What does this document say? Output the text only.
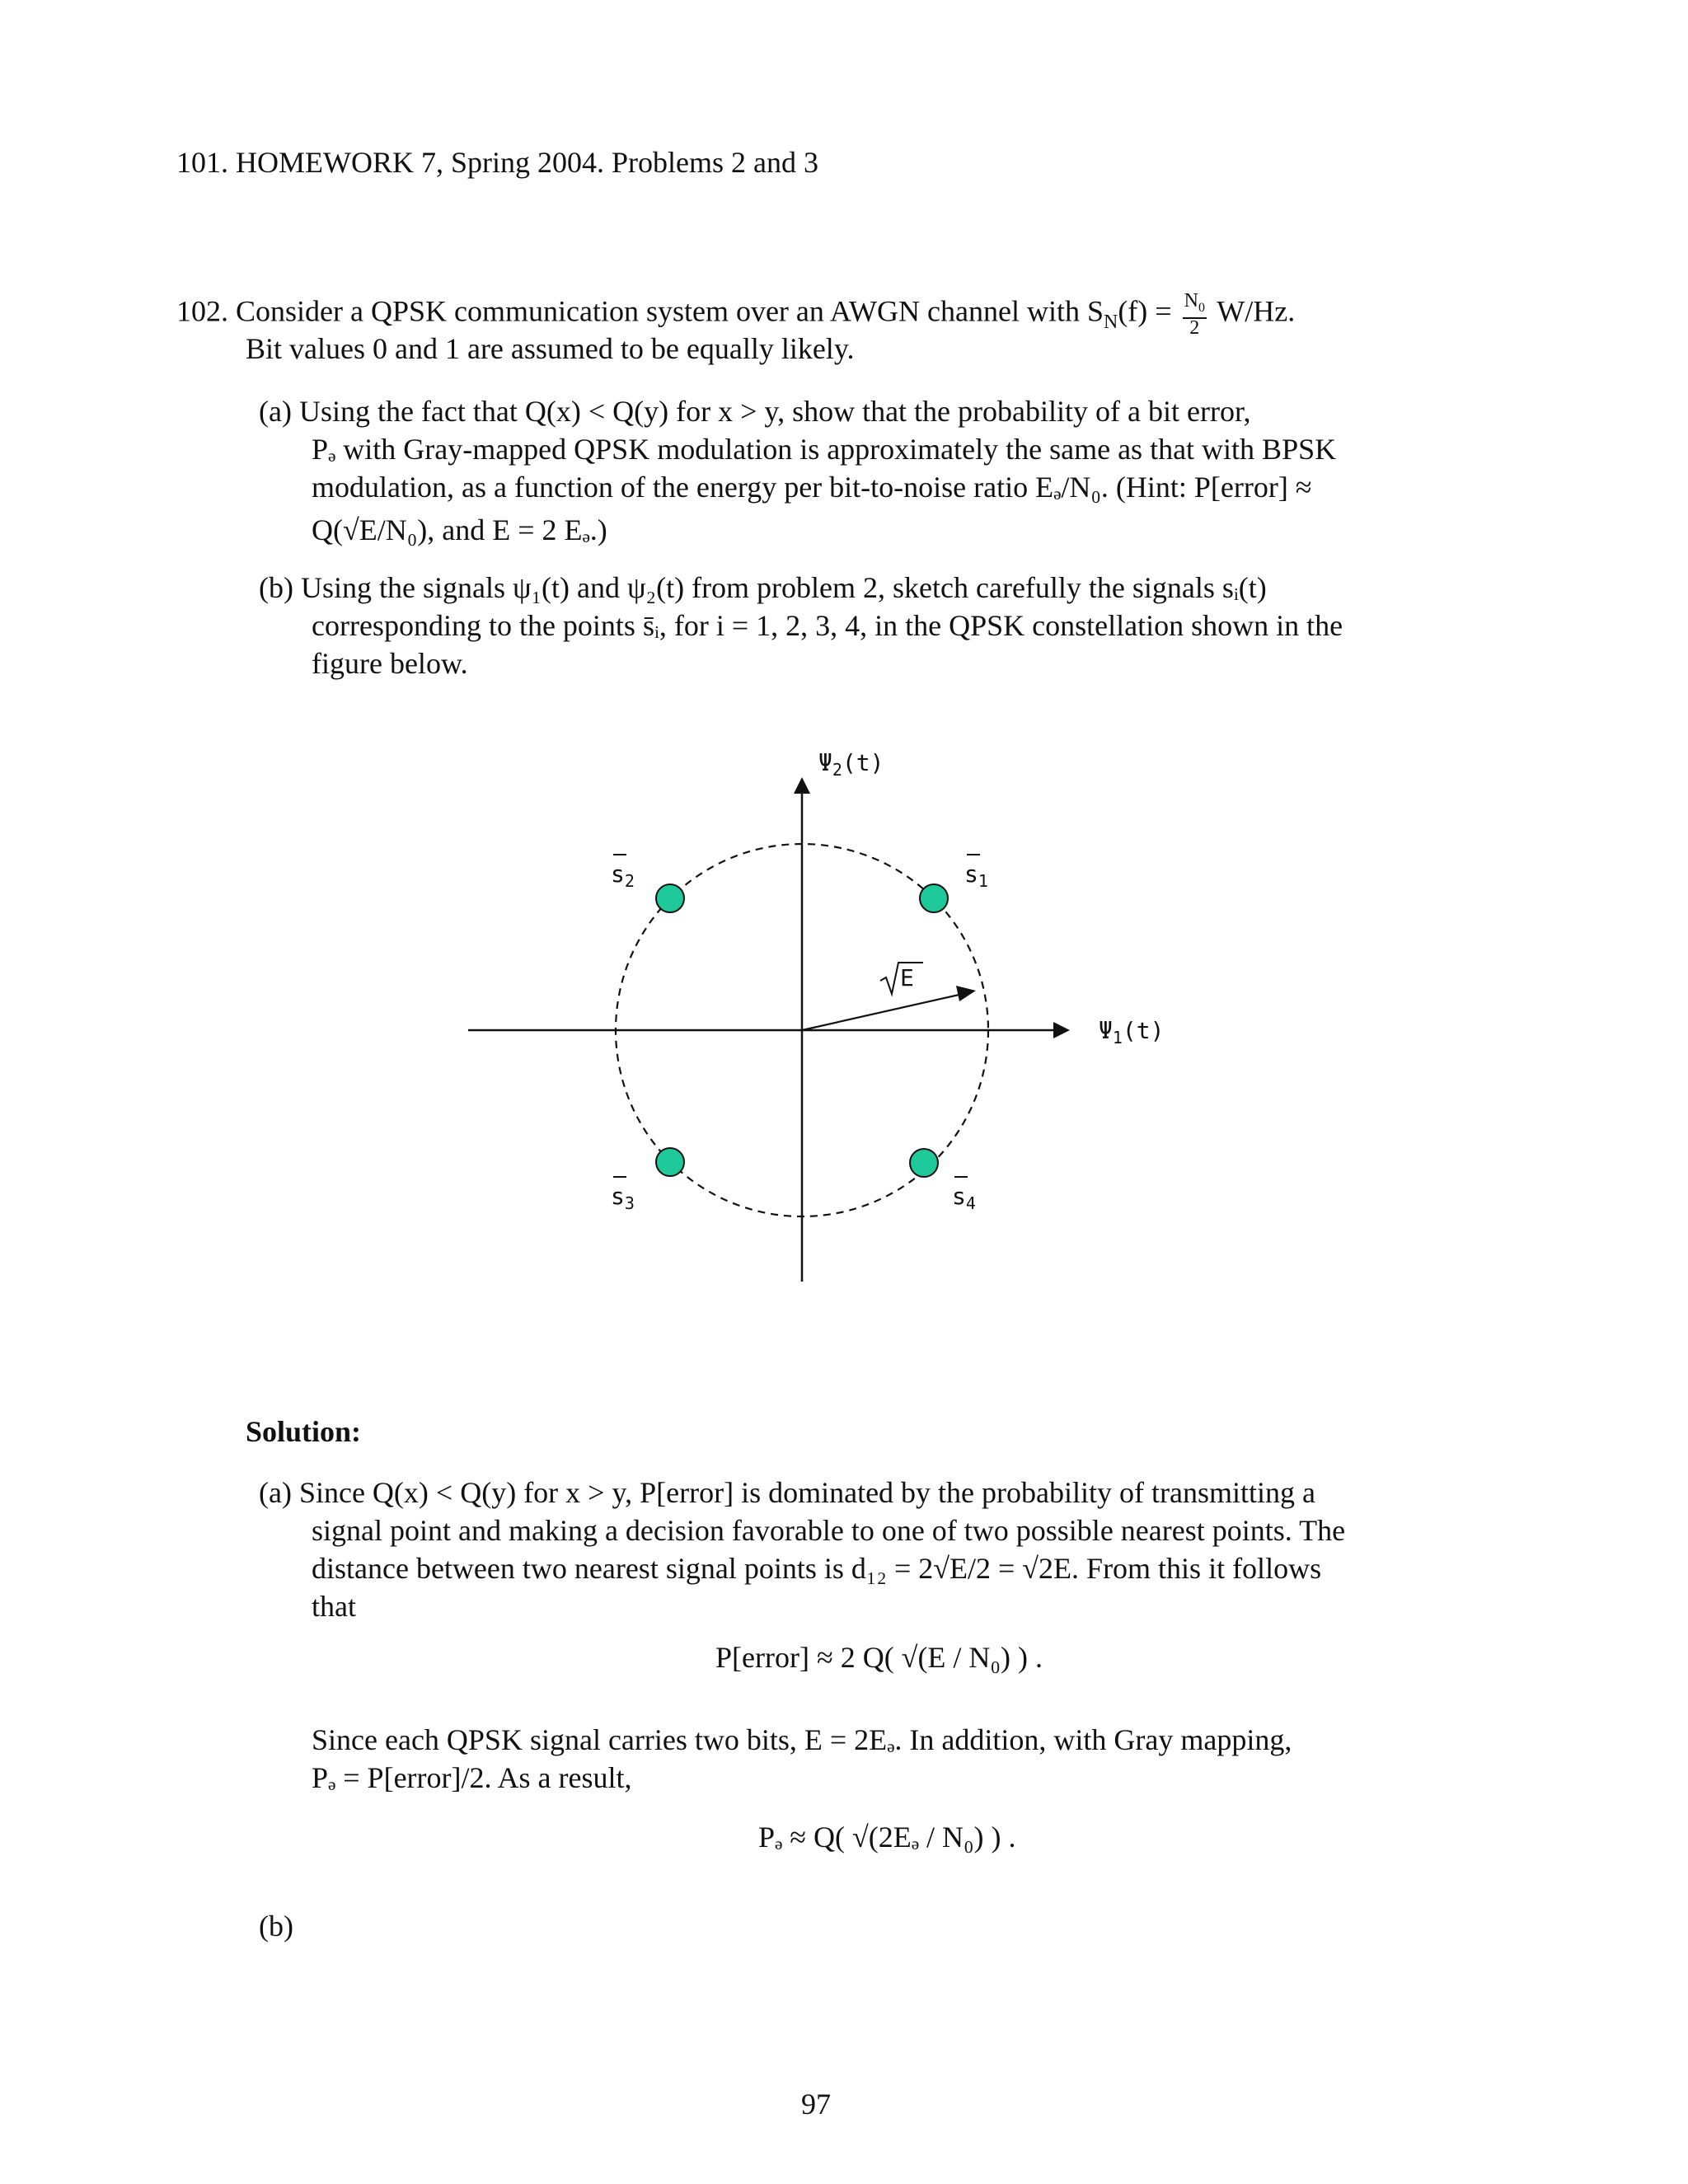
101. HOMEWORK 7, Spring 2004. Problems 2 and 3
102. Consider a QPSK communication system over an AWGN channel with $S_N(f) = \frac{N_0}{2} W/Hz$.
Bit values 0 and 1 are assumed to be equally likely.
(a) Using the fact that Q(x) < Q(y) for x > y, show that the probability of a bit error,
Pₔ with Gray-mapped QPSK modulation is approximately the same as that with BPSK
modulation, as a function of the energy per bit-to-noise ratio Eₔ/N₀. (Hint: P[error] ≈
Q(√E/N₀), and E = 2 Eₔ.)
(b) Using the signals ψ₁(t) and ψ₂(t) from problem 2, sketch carefully the signals sᵢ(t)
corresponding to the points s̄ᵢ, for i = 1, 2, 3, 4, in the QPSK constellation shown in the
figure below.
E
$s_1$
$s_2$
$s_3$	$s_4$
$\Psi_2(t)$
$\Psi_1(t)$
Solution:
(a) Since Q(x) < Q(y) for x > y, P[error] is dominated by the probability of transmitting a
signal point and making a decision favorable to one of two possible nearest points. The
distance between two nearest signal points is d₁₂ = 2√E/2 = √2E. From this it follows
that
P[error] ≈ 2 Q( √(E / N₀) ) .
Since each QPSK signal carries two bits, E = 2Eₔ. In addition, with Gray mapping,
Pₔ = P[error]/2. As a result,
Pₔ ≈ Q( √(2Eₔ / N₀) ) .
(b)
97
